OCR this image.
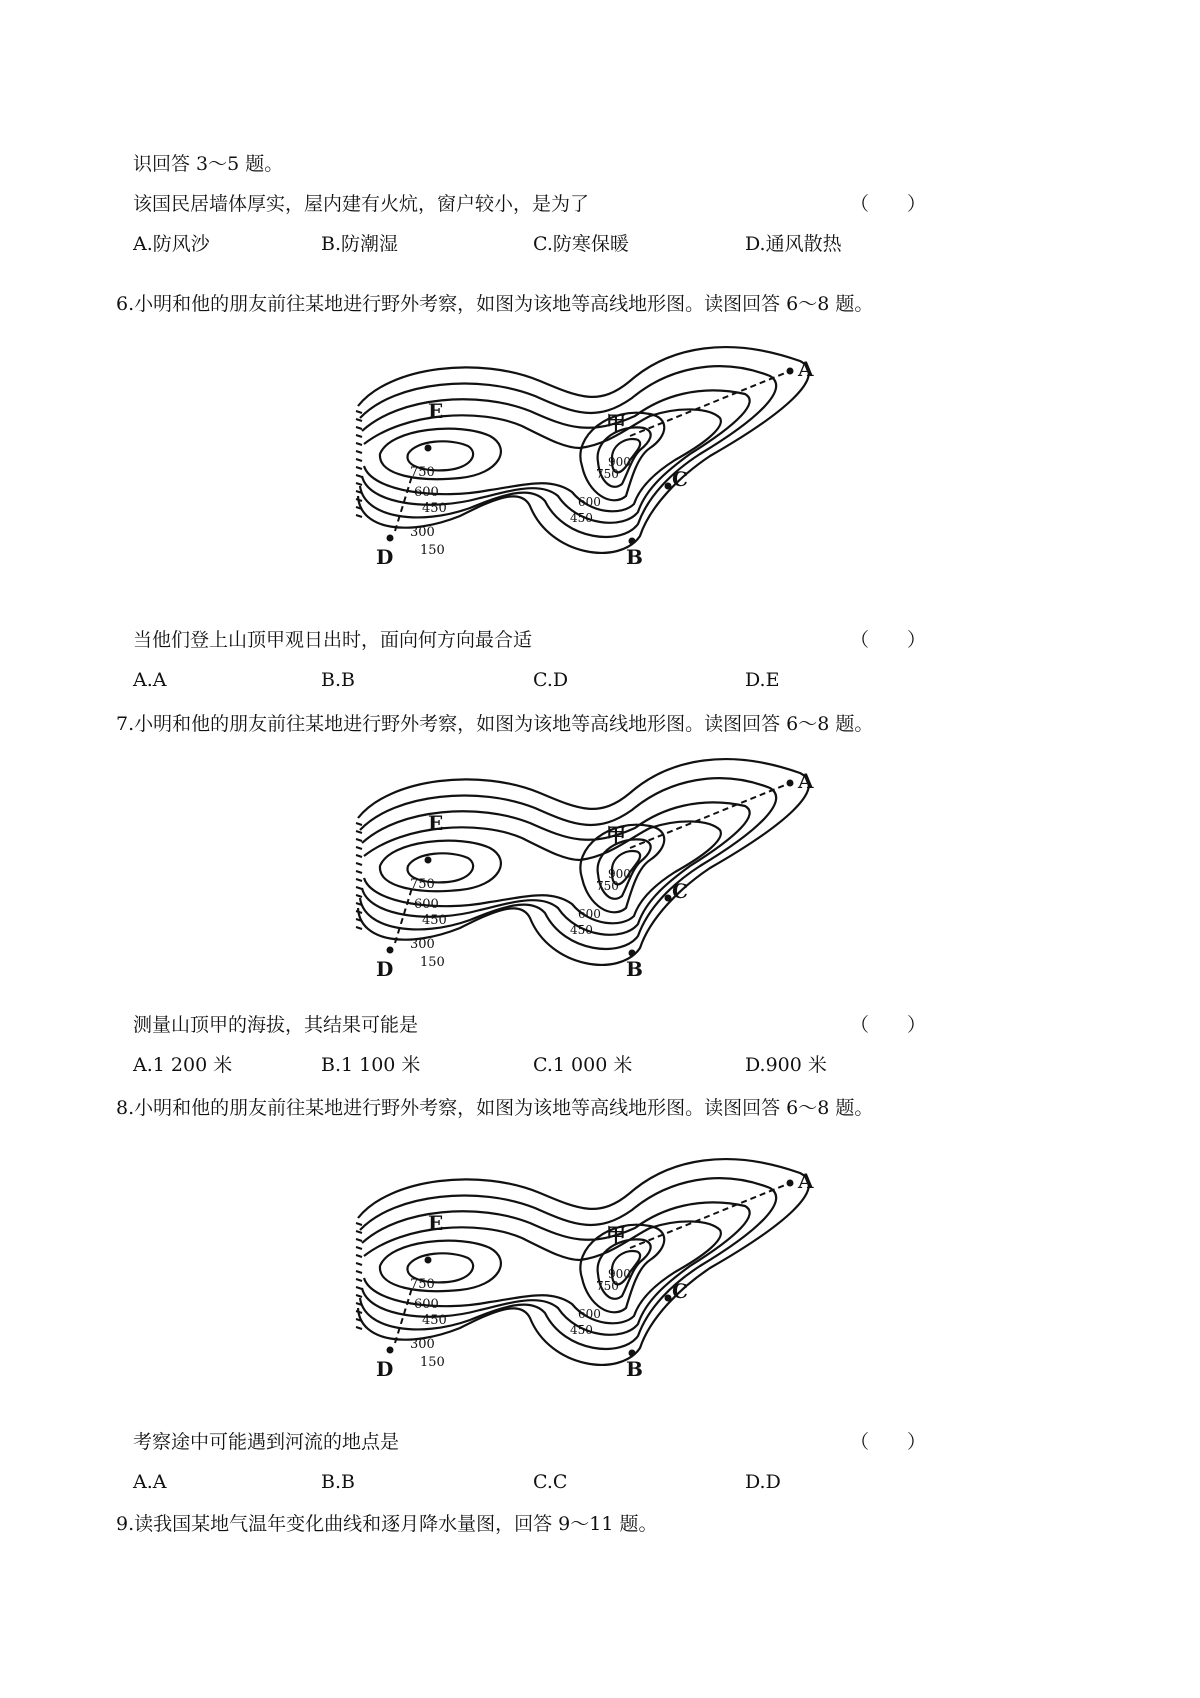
识回答 3～5 题。
该国民居墙体厚实，屋内建有火炕，窗户较小，是为了	（　　）
A.防风沙	B.防潮湿	C.防寒保暖	D.通风散热
6.小明和他的朋友前往某地进行野外考察，如图为该地等高线地形图。读图回答 6～8 题。
E
A
B
C
D
甲
750
600
450
300
150
900
750
600
450
当他们登上山顶甲观日出时，面向何方向最合适	（　　）
A.A	B.B	C.D	D.E
7.小明和他的朋友前往某地进行野外考察，如图为该地等高线地形图。读图回答 6～8 题。
E
A
B
C
D
甲
750
600
450
300
150
900
750
600
450
测量山顶甲的海拔，其结果可能是	（　　）
A.1 200 米	B.1 100 米	C.1 000 米	D.900 米
8.小明和他的朋友前往某地进行野外考察，如图为该地等高线地形图。读图回答 6～8 题。
E
A
B
C
D
甲
750
600
450
300
150
900
750
600
450
考察途中可能遇到河流的地点是	（　　）
A.A	B.B	C.C	D.D
9.读我国某地气温年变化曲线和逐月降水量图，回答 9～11 题。
